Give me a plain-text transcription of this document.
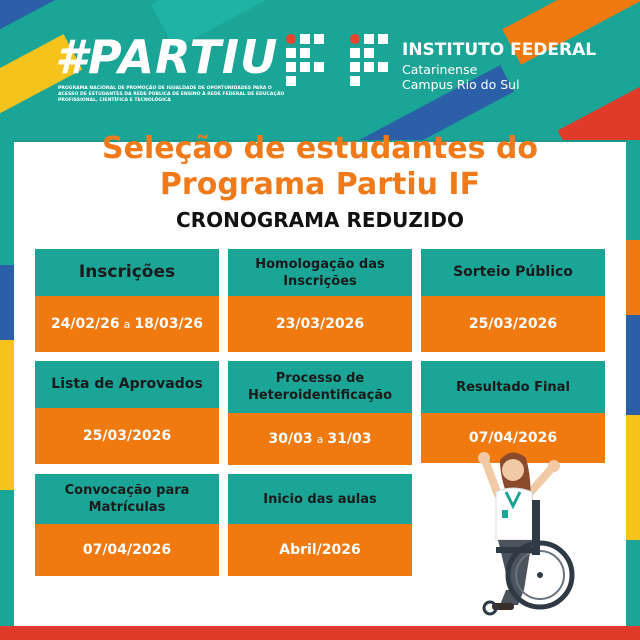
#PARTIU
PROGRAMA NACIONAL DE PROMOÇÃO DE IGUALDADE DE OPORTUNIDADES PARA O ACESSO DE ESTUDANTES DA REDE PÚBLICA DE ENSINO À REDE FEDERAL DE EDUCAÇÃO PROFISSIONAL, CIENTÍFICA E TECNOLÓGICA
INSTITUTO FEDERAL
Catarinense
Campus Rio do Sul
Seleção de estudantes do
Programa Partiu IF
CRONOGRAMA REDUZIDO
Inscrições
24/02/26 a 18/03/26
Homologação das
Inscrições
23/03/2026
Sorteio Público
25/03/2026
Lista de Aprovados
25/03/2026
Processo de
Heteroidentificação
30/03 a 31/03
Resultado Final
07/04/2026
Convocação para
Matrículas
07/04/2026
Inicio das aulas
Abril/2026
